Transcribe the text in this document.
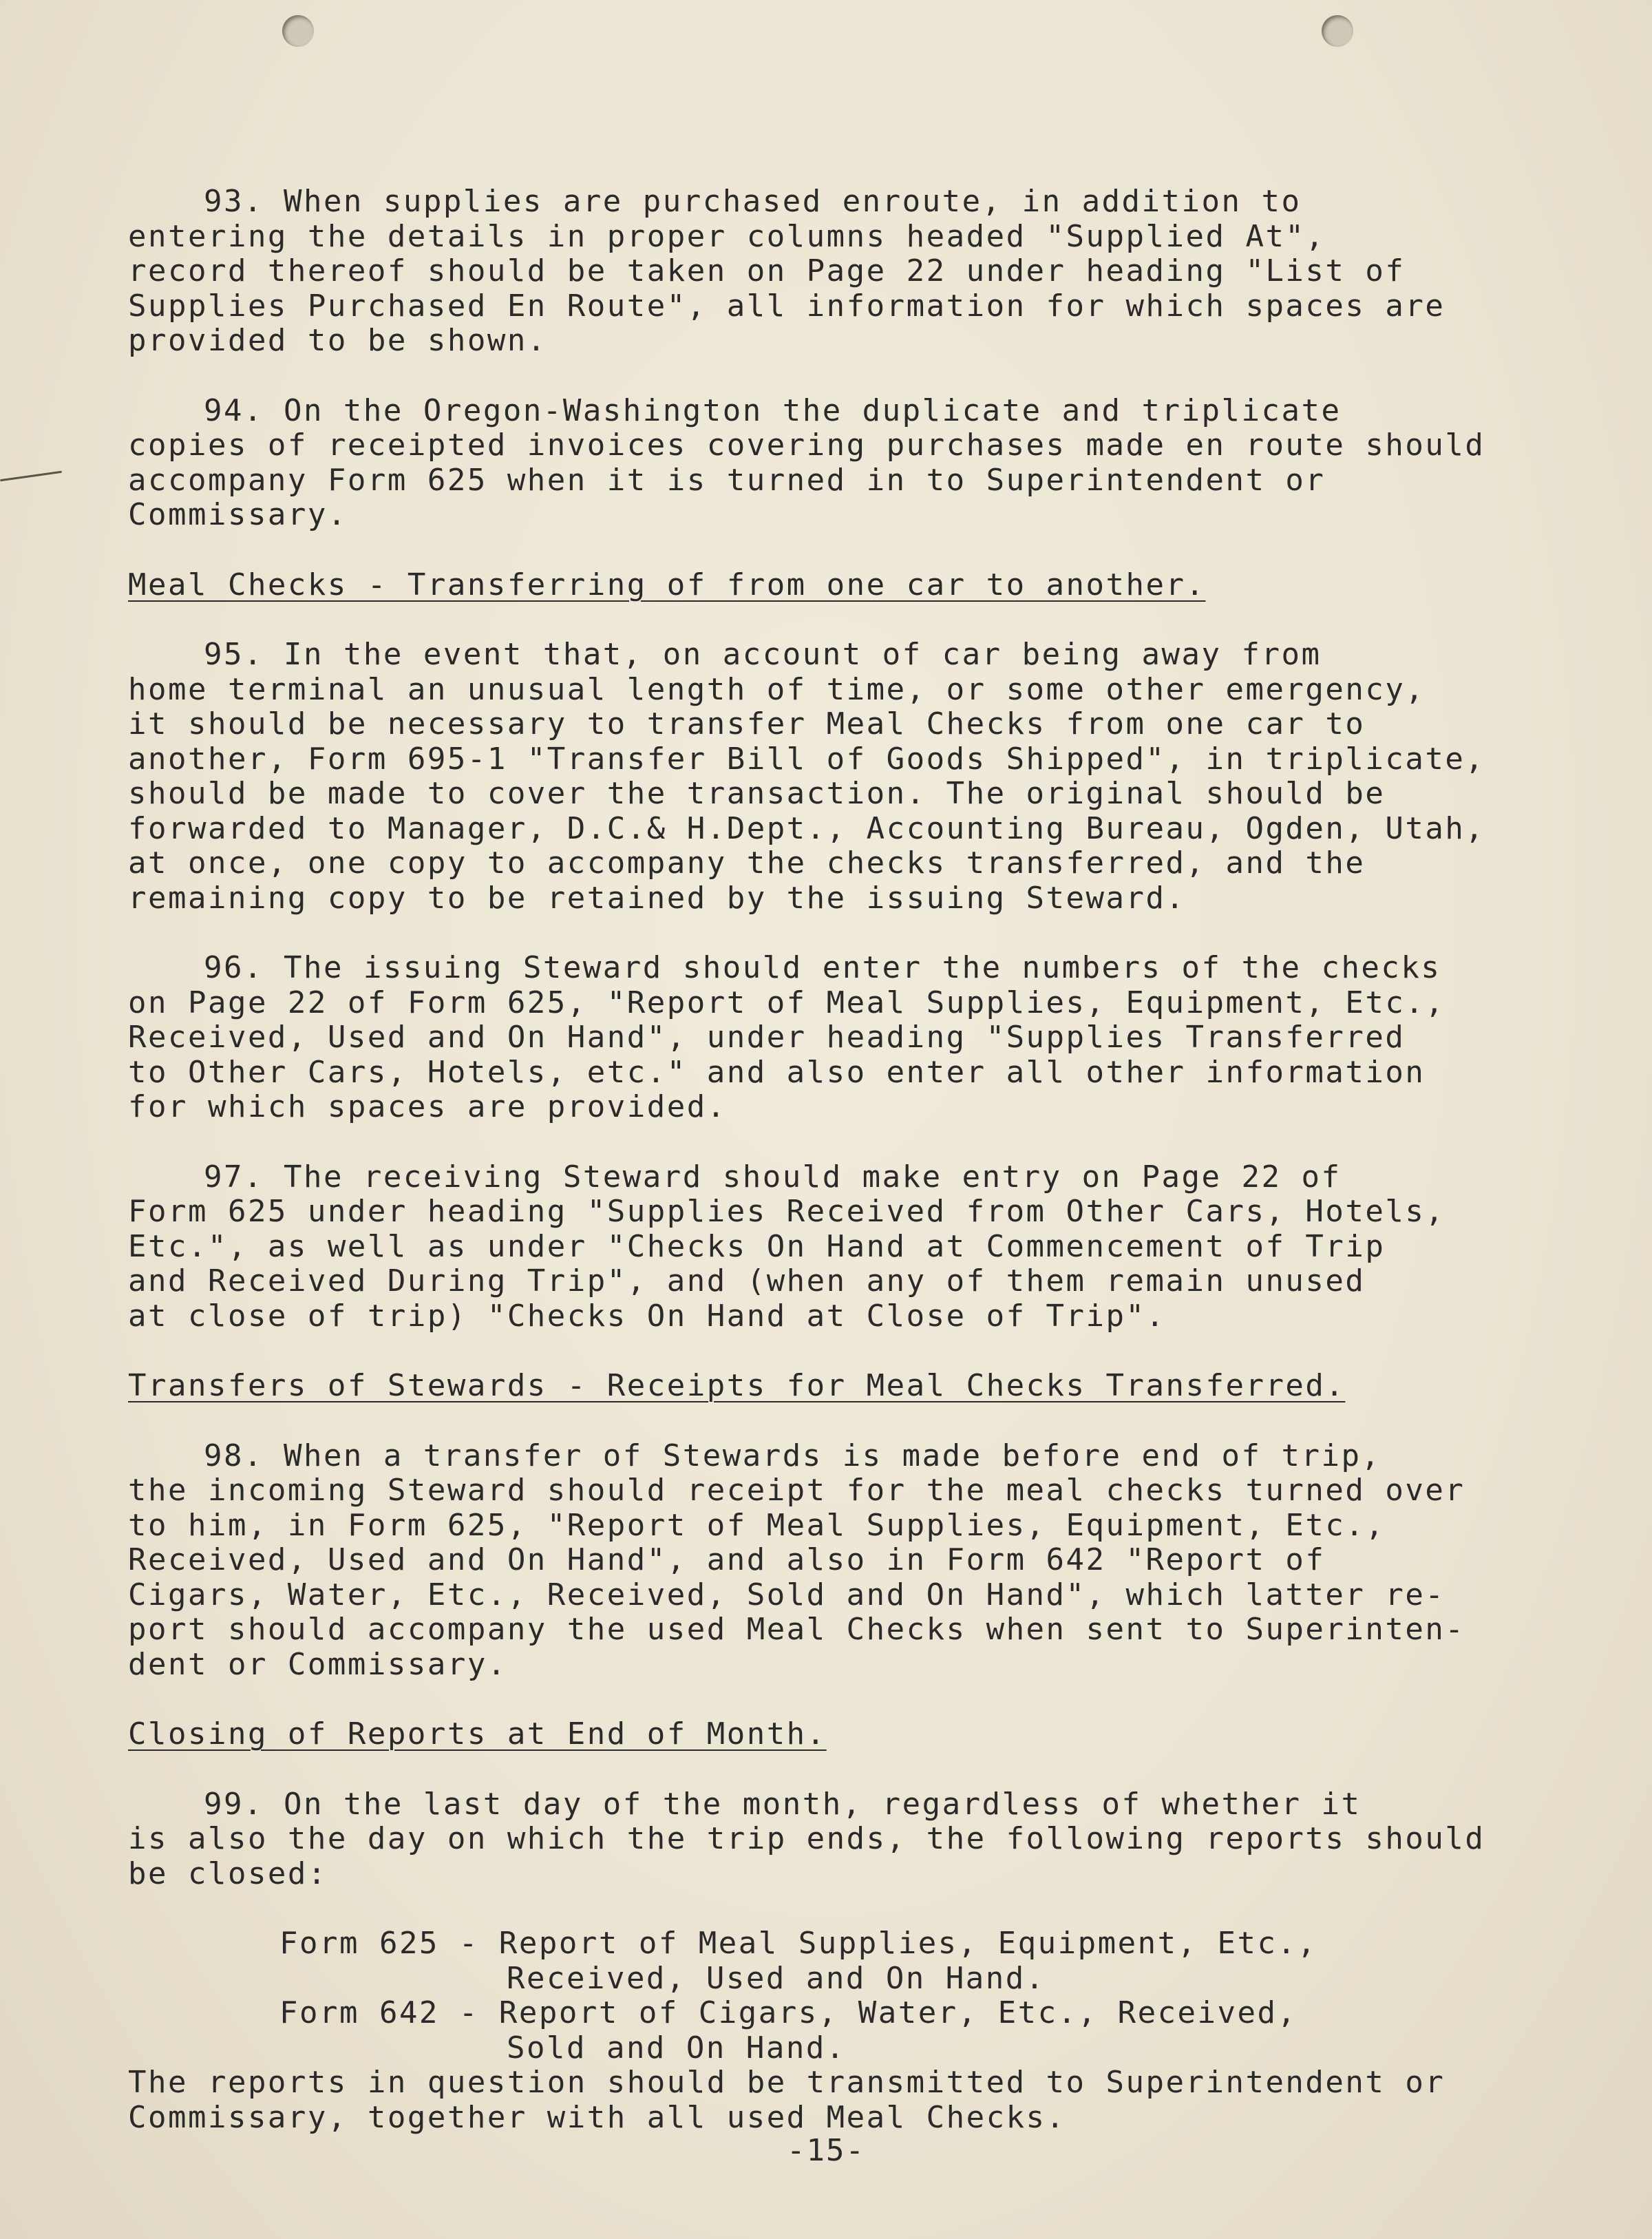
93. When supplies are purchased enroute, in addition to
entering the details in proper columns headed "Supplied At",
record thereof should be taken on Page 22 under heading "List of
Supplies Purchased En Route", all information for which spaces are
provided to be shown.
94. On the Oregon-Washington the duplicate and triplicate
copies of receipted invoices covering purchases made en route should
accompany Form 625 when it is turned in to Superintendent or
Commissary.
Meal Checks - Transferring of from one car to another.
95. In the event that, on account of car being away from
home terminal an unusual length of time, or some other emergency,
it should be necessary to transfer Meal Checks from one car to
another, Form 695-1 "Transfer Bill of Goods Shipped", in triplicate,
should be made to cover the transaction. The original should be
forwarded to Manager, D.C.& H.Dept., Accounting Bureau, Ogden, Utah,
at once, one copy to accompany the checks transferred, and the
remaining copy to be retained by the issuing Steward.
96. The issuing Steward should enter the numbers of the checks
on Page 22 of Form 625, "Report of Meal Supplies, Equipment, Etc.,
Received, Used and On Hand", under heading "Supplies Transferred
to Other Cars, Hotels, etc." and also enter all other information
for which spaces are provided.
97. The receiving Steward should make entry on Page 22 of
Form 625 under heading "Supplies Received from Other Cars, Hotels,
Etc.", as well as under "Checks On Hand at Commencement of Trip
and Received During Trip", and (when any of them remain unused
at close of trip) "Checks On Hand at Close of Trip".
Transfers of Stewards - Receipts for Meal Checks Transferred.
98. When a transfer of Stewards is made before end of trip,
the incoming Steward should receipt for the meal checks turned over
to him, in Form 625, "Report of Meal Supplies, Equipment, Etc.,
Received, Used and On Hand", and also in Form 642 "Report of
Cigars, Water, Etc., Received, Sold and On Hand", which latter re-
port should accompany the used Meal Checks when sent to Superinten-
dent or Commissary.
Closing of Reports at End of Month.
99. On the last day of the month, regardless of whether it
is also the day on which the trip ends, the following reports should
be closed:
Form 625 - Report of Meal Supplies, Equipment, Etc.,
Received, Used and On Hand.
Form 642 - Report of Cigars, Water, Etc., Received,
Sold and On Hand.
The reports in question should be transmitted to Superintendent or
Commissary, together with all used Meal Checks.
-15-
